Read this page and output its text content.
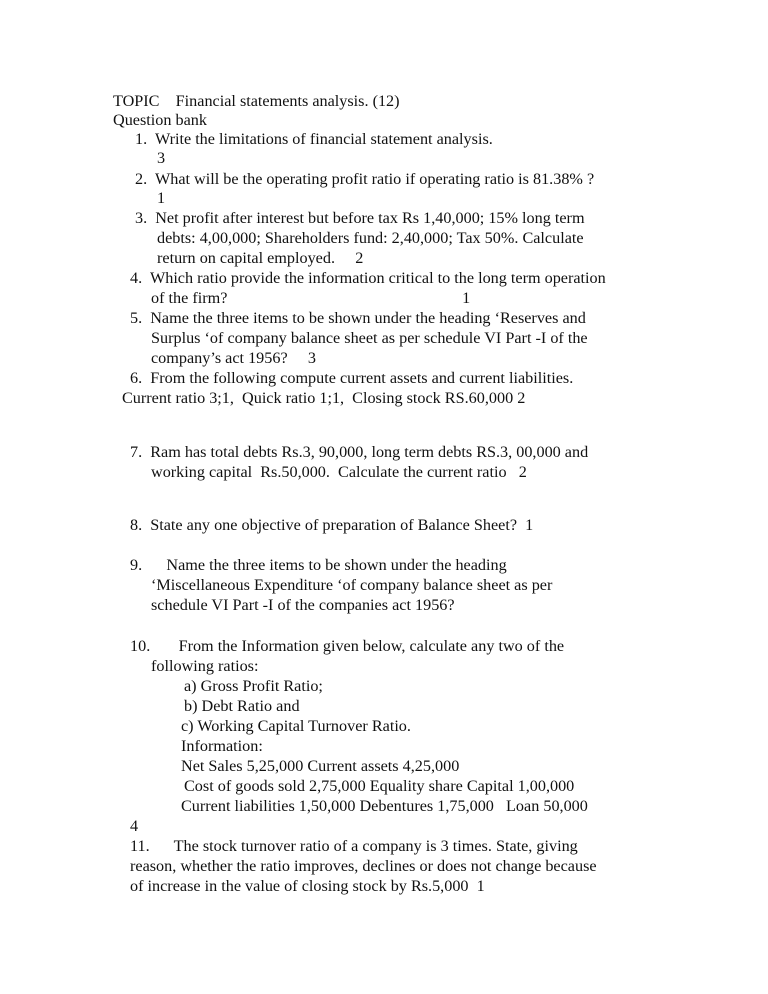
TOPIC    Financial statements analysis. (12)
Question bank
1.  Write the limitations of financial statement analysis.
3
2.  What will be the operating profit ratio if operating ratio is 81.38% ?
1
3.  Net profit after interest but before tax Rs 1,40,000; 15% long term
debts: 4,00,000; Shareholders fund: 2,40,000; Tax 50%. Calculate
return on capital employed.     2
4.  Which ratio provide the information critical to the long term operation
of the firm?                                                          1
5.  Name the three items to be shown under the heading ‘Reserves and
Surplus ‘of company balance sheet as per schedule VI Part -I of the
company’s act 1956?     3
6.  From the following compute current assets and current liabilities.
Current ratio 3;1,  Quick ratio 1;1,  Closing stock RS.60,000 2
7.  Ram has total debts Rs.3, 90,000, long term debts RS.3, 00,000 and
working capital  Rs.50,000.  Calculate the current ratio   2
8.  State any one objective of preparation of Balance Sheet?  1
9.      Name the three items to be shown under the heading
‘Miscellaneous Expenditure ‘of company balance sheet as per
schedule VI Part -I of the companies act 1956?
10.       From the Information given below, calculate any two of the
following ratios:
a) Gross Profit Ratio;
b) Debt Ratio and
c) Working Capital Turnover Ratio.
Information:
Net Sales 5,25,000 Current assets 4,25,000
Cost of goods sold 2,75,000 Equality share Capital 1,00,000
Current liabilities 1,50,000 Debentures 1,75,000   Loan 50,000
4
11.      The stock turnover ratio of a company is 3 times. State, giving
reason, whether the ratio improves, declines or does not change because
of increase in the value of closing stock by Rs.5,000  1
